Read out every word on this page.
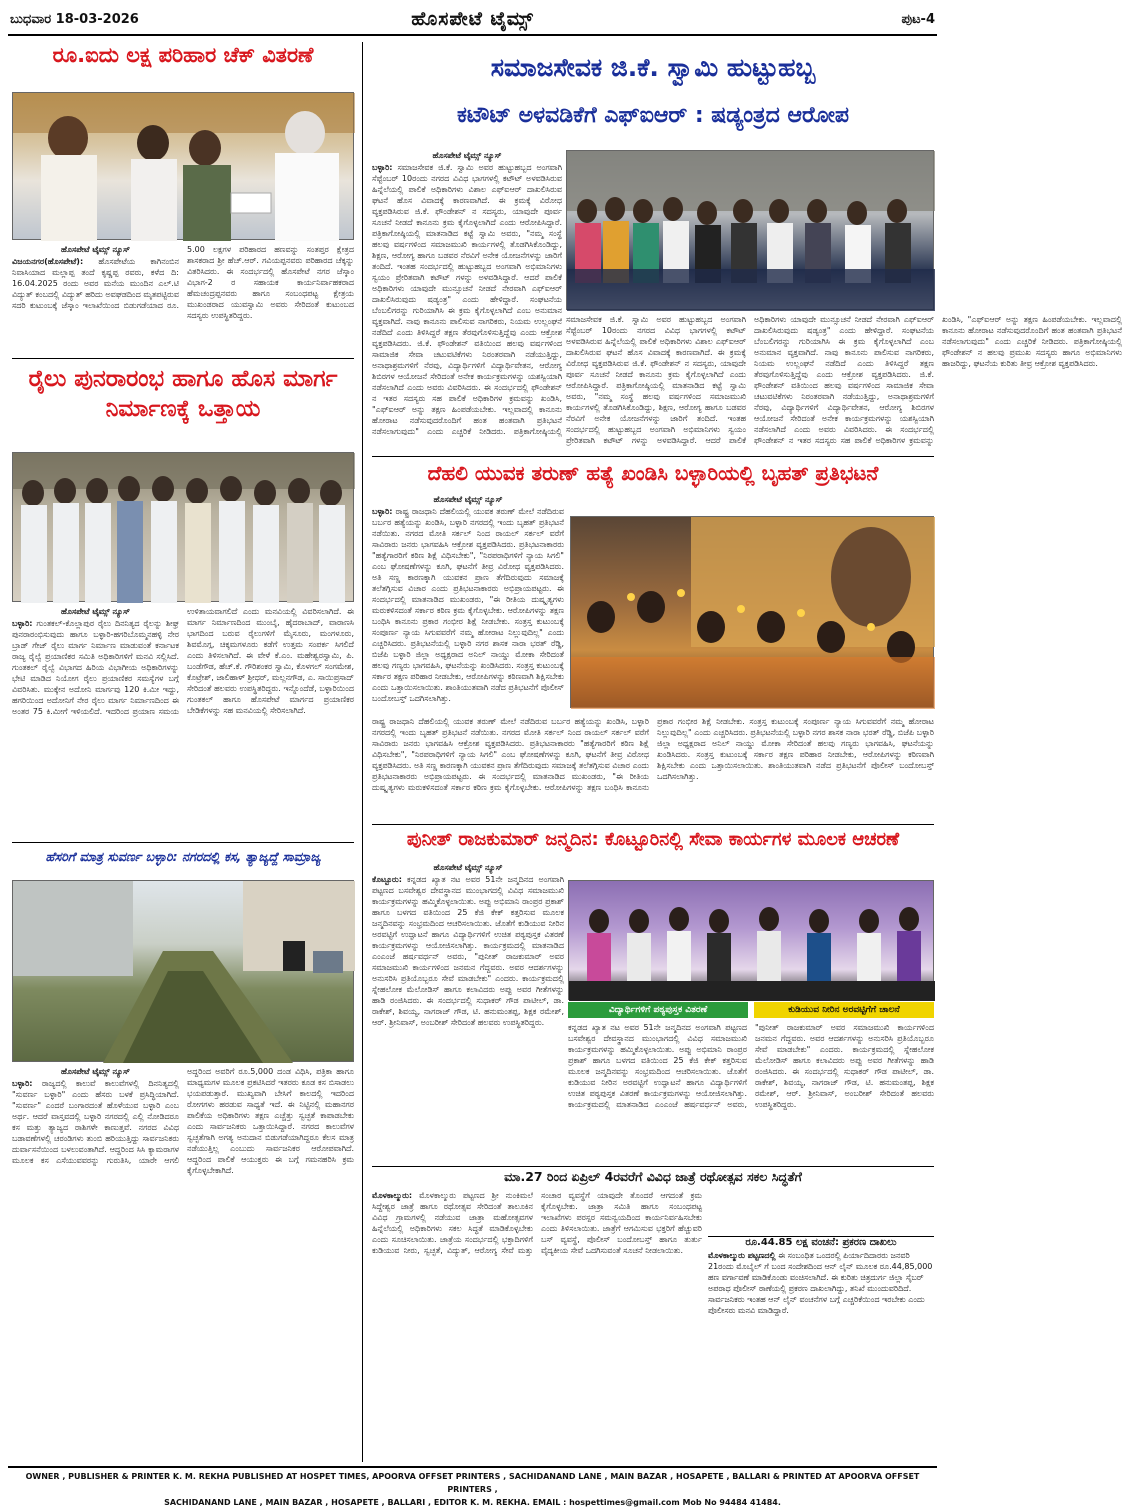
ಬುಧವಾರ 18-03-2026	ಹೊಸಪೇಟೆ ಟೈಮ್ಸ್	ಪುಟ-4
ರೂ.ಐದು ಲಕ್ಷ ಪರಿಹಾರ ಚೆಕ್ ವಿತರಣೆ
ಹೊಸಪೇಟೆ ಟೈಮ್ಸ್ ನ್ಯೂಸ್
ವಿಜಯನಗರ(ಹೊಸಪೇಟೆ): ಹೊಸಪೇಟೆಯ ಕಾಗಿನಂಬಿನ ನಿವಾಸಿಯಾದ ಮಲ್ಲಾಪ್ಪ ತಂದೆ ಕೃಷ್ಣಪ್ಪ ರವರು, ಕಳೆದ ದಿ: 16.04.2025 ರಂದು ಅವರ ಮನೆಯ ಮುಂದಿನ ಎಲ್.ಟಿ ವಿದ್ಯುತ್ ಕಂಬದಲ್ಲಿ ವಿದ್ಯುತ್ ಹರಿದು ಅವಘಡದಿಂದ ಮೃತಪಟ್ಟಿರುವ ಸದರಿ ಕುಟುಂಬಕ್ಕೆ ಜೆಸ್ಕಾಂ ಇಲಾಖೆಯಿಂದ ಬಿಡುಗಡೆಯಾದ ರೂ. 5.00 ಲಕ್ಷಗಳ ಪರಿಹಾರದ ಹಣವನ್ನು ಸಂತಪ್ತರ ಕ್ಷೇತ್ರದ ಶಾಸಕರಾದ ಶ್ರೀ ಹೆಚ್.ಆರ್. ಗವಿಯಪ್ಪನವರು ಪರಿಹಾರದ ಚೆಕ್ಕನ್ನು ವಿತರಿಸಿದರು. ಈ ಸಂದರ್ಭದಲ್ಲಿ ಹೊಸಪೇಟೆ ನಗರ ಜೆಸ್ಕಾಂ ವಿಭಾಗ-2 ರ ಸಹಾಯಕ ಕಾರ್ಯನಿರ್ವಾಹಕರಾದ ಹೆಮಚಂದ್ರಪ್ಪನವರು ಹಾಗೂ ಸಂಬಂಧಪಟ್ಟ ಕ್ಷೇತ್ರಯ ಮುಖಂಡರಾದ ಯುವಸ್ವಾಮಿ ಅವರು ಸೇರಿದಂತೆ ಕುಟುಂಬದ ಸದಸ್ಯರು ಉಪಸ್ಥಿತರಿದ್ದರು.
ರೈಲು ಪುನರಾರಂಭ ಹಾಗೂ ಹೊಸ ಮಾರ್ಗ ನಿರ್ಮಾಣಕ್ಕೆ ಒತ್ತಾಯ
ಹೊಸಪೇಟೆ ಟೈಮ್ಸ್ ನ್ಯೂಸ್
ಬಳ್ಳಾರಿ: ಗುಂತಕಲ್-ಕೊಲ್ಲಾಪುರ ರೈಲು ದಿನನಿತ್ಯದ ರೈಲನ್ನು ಶೀಘ್ರ ಪುನರಾರಂಭಿಸುವುದು ಹಾಗೂ ಬಳ್ಳಾರಿ-ಹಗರಿಬೊಮ್ಮನಹಳ್ಳಿ ನೇರ ಬ್ರಾಡ್ ಗೇಜ್ ರೈಲು ಮಾರ್ಗ ನಿರ್ಮಾಣ ಮಾಡುವಂತೆ ಕರ್ನಾಟಕ ರಾಜ್ಯ ರೈಲ್ವೆ ಪ್ರಯಾಣಿಕರ ಸಮಿತಿ ಅಧಿಕಾರಿಗಳಿಗೆ ಮನವಿ ಸಲ್ಲಿಸಿದೆ. ಗುಂತಕಲ್ ರೈಲ್ವೆ ವಿಭಾಗದ ಹಿರಿಯ ವಿಭಾಗೀಯ ಅಧಿಕಾರಿಗಳನ್ನು ಭೇಟಿ ಮಾಡಿದ ನಿಯೋಗ ರೈಲು ಪ್ರಯಾಣಿಕರ ಸಮಸ್ಯೆಗಳ ಬಗ್ಗೆ ವಿವರಿಸಿತು. ಮುಕ್ಕೇನ ಅದೋನಿ ಮಾರ್ಗವು 120 ಕಿ.ಮೀ ಇದ್ದು, ಹಗರಿಯಿಂದ ಅದೋನಿಗೆ ನೇರ ರೈಲು ಮಾರ್ಗ ನಿರ್ಮಾಣದಿಂದ ಈ ಅಂತರ 75 ಕಿ.ಮೀಗೆ ಇಳಿಯಲಿದೆ. ಇದರಿಂದ ಪ್ರಯಾಣ ಸಮಯ ಉಳಿತಾಯವಾಗಲಿದೆ ಎಂದು ಮನವಿಯಲ್ಲಿ ವಿವರಿಸಲಾಗಿದೆ. ಈ ಮಾರ್ಗ ನಿರ್ಮಾಣದಿಂದ ಮುಂಬೈ, ಹೈದರಾಬಾದ್, ವಾರಾಣಸಿ ಭಾಗದಿಂದ ಬರುವ ರೈಲುಗಳಿಗೆ ಮೈಸೂರು, ಮಂಗಳೂರು, ಶಿವಮೊಗ್ಗ, ಚಿಕ್ಕಮಗಳೂರು ಕಡೆಗೆ ಉತ್ತಮ ಸಂಪರ್ಕ ಸಿಗಲಿದೆ ಎಂದು ತಿಳಿಸಲಾಗಿದೆ. ಈ ವೇಳೆ ಕೆ.ಎಂ. ಮಹೇಶ್ವರಸ್ವಾಮಿ, ಪಿ. ಬಂಡೆಗೌಡ, ಹೆಚ್.ಕೆ. ಗೌರಿಶಂಕರ ಸ್ವಾಮಿ, ಕೊಳಗಲ್ ಸಂಗಮೇಶ, ಕೊಟ್ರೇಶ್, ಜಾಲಿಹಾಳ್ ಶ್ರೀಧರ್, ಮಲ್ಲನಗೌಡ, ಎ. ಸಾಯಿಪ್ರಸಾದ್ ಸೇರಿದಂತೆ ಹಲವರು ಉಪಸ್ಥಿತರಿದ್ದರು. ಇನ್ನೊಂದೆಡೆ, ಬಳ್ಳಾರಿಯಿಂದ ಗುಂತಕಲ್ ಹಾಗೂ ಹೊಸಪೇಟೆ ಮಾರ್ಗದ ಪ್ರಯಾಣಿಕರ ಬೇಡಿಕೆಗಳನ್ನು ಸಹ ಮನವಿಯಲ್ಲಿ ಸೇರಿಸಲಾಗಿದೆ.
ಹೆಸರಿಗೆ ಮಾತ್ರ ಸುವರ್ಣ ಬಳ್ಳಾರಿ: ನಗರದಲ್ಲಿ ಕಸ, ತ್ಯಾಜ್ಯದ್ದೆ ಸಾಮ್ರಾಜ್ಯ
ಹೊಸಪೇಟೆ ಟೈಮ್ಸ್ ನ್ಯೂಸ್
ಬಳ್ಳಾರಿ: ರಾಜ್ಯದಲ್ಲಿ ಕಾಲುವೆ ಕಾಲುವೆಗಳಲ್ಲಿ ದಿನನಿತ್ಯದಲ್ಲಿ "ಸುವರ್ಣ ಬಳ್ಳಾರಿ" ಎಂದು ಹೆಸರು ಬಳಕೆ ಪ್ರಸಿದ್ಧಿಯಾಗಿದೆ. "ಸುವರ್ಣ" ಎಂದರೆ ಬಂಗಾರದಂತೆ ಹೊಳೆಯುವ ಬಳ್ಳಾರಿ ಎಂಬ ಅರ್ಥ. ಆದರೆ ವಾಸ್ತವದಲ್ಲಿ ಬಳ್ಳಾರಿ ನಗರದಲ್ಲಿ ಎಲ್ಲಿ ನೋಡಿದರೂ ಕಸ ಮತ್ತು ತ್ಯಾಜ್ಯದ ರಾಶಿಗಳೇ ಕಾಣುತ್ತವೆ. ನಗರದ ವಿವಿಧ ಬಡಾವಣೆಗಳಲ್ಲಿ ಚರಂಡಿಗಳು ತುಂಬಿ ಹರಿಯುತ್ತಿದ್ದು ಸಾರ್ವಜನಿಕರು ದುರ್ವಾಸನೆಯಿಂದ ಬಳಲುವಂತಾಗಿದೆ. ಆದ್ದರಿಂದ ಸಿಸಿ ಕ್ಯಾಮರಾಗಳ ಮೂಲಕ ಕಸ ಎಸೆಯುವವರನ್ನು ಗುರುತಿಸಿ, ಯಾರೇ ಆಗಲಿ ಅದ್ದರಿಂದ ಅವರಿಗೆ ರೂ.5,000 ದಂಡ ವಿಧಿಸಿ, ಪತ್ರಿಕಾ ಹಾಗೂ ಮಾಧ್ಯಮಗಳ ಮೂಲಕ ಪ್ರಕಟಿಸಿದರೆ ಇತರರು ಕೂಡ ಕಸ ಬಿಸಾಡಲು ಭಯಪಡುತ್ತಾರೆ. ಮುಖ್ಯವಾಗಿ ಬೇಸಿಗೆ ಕಾಲದಲ್ಲಿ ಇದರಿಂದ ರೋಗಗಳು ಹರಡುವ ಸಾಧ್ಯತೆ ಇದೆ. ಈ ನಿಟ್ಟಿನಲ್ಲಿ ಮಹಾನಗರ ಪಾಲಿಕೆಯ ಅಧಿಕಾರಿಗಳು ತಕ್ಷಣ ಎಚ್ಚೆತ್ತು ಸ್ವಚ್ಛತೆ ಕಾಪಾಡಬೇಕು ಎಂದು ಸಾರ್ವಜನಿಕರು ಒತ್ತಾಯಿಸಿದ್ದಾರೆ. ನಗರದ ಕಾಲುವೆಗಳ ಸ್ವಚ್ಛತೆಗಾಗಿ ಅಗತ್ಯ ಅನುದಾನ ಬಿಡುಗಡೆಯಾಗಿದ್ದರೂ ಕೆಲಸ ಮಾತ್ರ ನಡೆಯುತ್ತಿಲ್ಲ ಎಂಬುದು ಸಾರ್ವಜನಿಕರ ಆರೋಪವಾಗಿದೆ. ಆದ್ದರಿಂದ ಪಾಲಿಕೆ ಆಯುಕ್ತರು ಈ ಬಗ್ಗೆ ಗಮನಹರಿಸಿ ಕ್ರಮ ಕೈಗೊಳ್ಳಬೇಕಾಗಿದೆ.
ಸಮಾಜಸೇವಕ ಜಿ.ಕೆ. ಸ್ವಾಮಿ ಹುಟ್ಟುಹಬ್ಬ
ಕಟೌಟ್ ಅಳವಡಿಕೆಗೆ ಎಫ್ಐಆರ್ : ಷಡ್ಯಂತ್ರದ ಆರೋಪ
ಹೊಸಪೇಟೆ ಟೈಮ್ಸ್ ನ್ಯೂಸ್
ಬಳ್ಳಾರಿ: ಸಮಾಜಸೇವಕ ಜಿ.ಕೆ. ಸ್ವಾಮಿ ಅವರ ಹುಟ್ಟುಹಬ್ಬದ ಅಂಗವಾಗಿ ಸೆಪ್ಟೆಂಬರ್ 10ರಂದು ನಗರದ ವಿವಿಧ ಭಾಗಗಳಲ್ಲಿ ಕಟೌಟ್ ಅಳವಡಿಸಿರುವ ಹಿನ್ನೆಲೆಯಲ್ಲಿ ಪಾಲಿಕೆ ಅಧಿಕಾರಿಗಳು ವಿಶಾಲ ಎಫ್ಐಆರ್ ದಾಖಲಿಸಿರುವ ಘಟನೆ ಹೊಸ ವಿವಾದಕ್ಕೆ ಕಾರಣವಾಗಿದೆ. ಈ ಕ್ರಮಕ್ಕೆ ವಿರೋಧ ವ್ಯಕ್ತಪಡಿಸಿರುವ ಜಿ.ಕೆ. ಫೌಂಡೇಶನ್ ನ ಸದಸ್ಯರು, ಯಾವುದೇ ಪೂರ್ವ ಸೂಚನೆ ನೀಡದೆ ಕಾನೂನು ಕ್ರಮ ಕೈಗೊಳ್ಳಲಾಗಿದೆ ಎಂದು ಆರೋಪಿಸಿದ್ದಾರೆ. ಪತ್ರಿಕಾಗೋಷ್ಠಿಯಲ್ಲಿ ಮಾತನಾಡಿದ ಕಟ್ಟೆ ಸ್ವಾಮಿ ಅವರು, "ನಮ್ಮ ಸಂಸ್ಥೆ ಹಲವು ವರ್ಷಗಳಿಂದ ಸಮಾಜಮುಖಿ ಕಾರ್ಯಗಳಲ್ಲಿ ತೊಡಗಿಸಿಕೊಂಡಿದ್ದು, ಶಿಕ್ಷಣ, ಆರೋಗ್ಯ ಹಾಗೂ ಬಡವರ ನೆರವಿಗೆ ಅನೇಕ ಯೋಜನೆಗಳನ್ನು ಜಾರಿಗೆ ತಂದಿದೆ. ಇಂತಹ ಸಂದರ್ಭದಲ್ಲಿ ಹುಟ್ಟುಹಬ್ಬದ ಅಂಗವಾಗಿ ಅಭಿಮಾನಿಗಳು ಸ್ವಯಂ ಪ್ರೇರಿತವಾಗಿ ಕಟೌಟ್ ಗಳನ್ನು ಅಳವಡಿಸಿದ್ದಾರೆ. ಆದರೆ ಪಾಲಿಕೆ ಅಧಿಕಾರಿಗಳು ಯಾವುದೇ ಮುನ್ಸೂಚನೆ ನೀಡದೆ ನೇರವಾಗಿ ಎಫ್ಐಆರ್ ದಾಖಲಿಸಿರುವುದು ಷಡ್ಯಂತ್ರ" ಎಂದು ಹೇಳಿದ್ದಾರೆ. ಸಂಘಟನೆಯ ಬೆಂಬಲಿಗರನ್ನು ಗುರಿಯಾಗಿಸಿ ಈ ಕ್ರಮ ಕೈಗೊಳ್ಳಲಾಗಿದೆ ಎಂಬ ಅನುಮಾನ ವ್ಯಕ್ತವಾಗಿದೆ. ನಾವು ಕಾನೂನು ಪಾಲಿಸುವ ನಾಗರಿಕರು, ನಿಯಮ ಉಲ್ಲಂಘನೆ ನಡೆದಿದೆ ಎಂದು ತಿಳಿಸಿದ್ದರೆ ತಕ್ಷಣ ತೆರವುಗೊಳಿಸುತ್ತಿದ್ದೆವು ಎಂದು ಆಕ್ರೋಶ ವ್ಯಕ್ತಪಡಿಸಿದರು. ಜಿ.ಕೆ. ಫೌಂಡೇಶನ್ ವತಿಯಿಂದ ಹಲವು ವರ್ಷಗಳಿಂದ ಸಾಮಾಜಿಕ ಸೇವಾ ಚಟುವಟಿಕೆಗಳು ನಿರಂತರವಾಗಿ ನಡೆಯುತ್ತಿದ್ದು, ಅನಾಥಾಶ್ರಮಗಳಿಗೆ ನೆರವು, ವಿದ್ಯಾರ್ಥಿಗಳಿಗೆ ವಿದ್ಯಾರ್ಥಿವೇತನ, ಆರೋಗ್ಯ ಶಿಬಿರಗಳ ಆಯೋಜನೆ ಸೇರಿದಂತೆ ಅನೇಕ ಕಾರ್ಯಕ್ರಮಗಳನ್ನು ಯಶಸ್ವಿಯಾಗಿ ನಡೆಸಲಾಗಿದೆ ಎಂದು ಅವರು ವಿವರಿಸಿದರು. ಈ ಸಂದರ್ಭದಲ್ಲಿ ಫೌಂಡೇಶನ್ ನ ಇತರ ಸದಸ್ಯರು ಸಹ ಪಾಲಿಕೆ ಅಧಿಕಾರಿಗಳ ಕ್ರಮವನ್ನು ಖಂಡಿಸಿ, "ಎಫ್ಐಆರ್ ಅನ್ನು ತಕ್ಷಣ ಹಿಂಪಡೆಯಬೇಕು. ಇಲ್ಲವಾದಲ್ಲಿ ಕಾನೂನು ಹೋರಾಟ ನಡೆಸುವುದರೊಂದಿಗೆ ಹಂತ ಹಂತವಾಗಿ ಪ್ರತಿಭಟನೆ ನಡೆಸಲಾಗುವುದು" ಎಂದು ಎಚ್ಚರಿಕೆ ನೀಡಿದರು. ಪತ್ರಿಕಾಗೋಷ್ಠಿಯಲ್ಲಿ
ಸಮಾಜಸೇವಕ ಜಿ.ಕೆ. ಸ್ವಾಮಿ ಅವರ ಹುಟ್ಟುಹಬ್ಬದ ಅಂಗವಾಗಿ ಸೆಪ್ಟೆಂಬರ್ 10ರಂದು ನಗರದ ವಿವಿಧ ಭಾಗಗಳಲ್ಲಿ ಕಟೌಟ್ ಅಳವಡಿಸಿರುವ ಹಿನ್ನೆಲೆಯಲ್ಲಿ ಪಾಲಿಕೆ ಅಧಿಕಾರಿಗಳು ವಿಶಾಲ ಎಫ್ಐಆರ್ ದಾಖಲಿಸಿರುವ ಘಟನೆ ಹೊಸ ವಿವಾದಕ್ಕೆ ಕಾರಣವಾಗಿದೆ. ಈ ಕ್ರಮಕ್ಕೆ ವಿರೋಧ ವ್ಯಕ್ತಪಡಿಸಿರುವ ಜಿ.ಕೆ. ಫೌಂಡೇಶನ್ ನ ಸದಸ್ಯರು, ಯಾವುದೇ ಪೂರ್ವ ಸೂಚನೆ ನೀಡದೆ ಕಾನೂನು ಕ್ರಮ ಕೈಗೊಳ್ಳಲಾಗಿದೆ ಎಂದು ಆರೋಪಿಸಿದ್ದಾರೆ. ಪತ್ರಿಕಾಗೋಷ್ಠಿಯಲ್ಲಿ ಮಾತನಾಡಿದ ಕಟ್ಟೆ ಸ್ವಾಮಿ ಅವರು, "ನಮ್ಮ ಸಂಸ್ಥೆ ಹಲವು ವರ್ಷಗಳಿಂದ ಸಮಾಜಮುಖಿ ಕಾರ್ಯಗಳಲ್ಲಿ ತೊಡಗಿಸಿಕೊಂಡಿದ್ದು, ಶಿಕ್ಷಣ, ಆರೋಗ್ಯ ಹಾಗೂ ಬಡವರ ನೆರವಿಗೆ ಅನೇಕ ಯೋಜನೆಗಳನ್ನು ಜಾರಿಗೆ ತಂದಿದೆ. ಇಂತಹ ಸಂದರ್ಭದಲ್ಲಿ ಹುಟ್ಟುಹಬ್ಬದ ಅಂಗವಾಗಿ ಅಭಿಮಾನಿಗಳು ಸ್ವಯಂ ಪ್ರೇರಿತವಾಗಿ ಕಟೌಟ್ ಗಳನ್ನು ಅಳವಡಿಸಿದ್ದಾರೆ. ಆದರೆ ಪಾಲಿಕೆ ಅಧಿಕಾರಿಗಳು ಯಾವುದೇ ಮುನ್ಸೂಚನೆ ನೀಡದೆ ನೇರವಾಗಿ ಎಫ್ಐಆರ್ ದಾಖಲಿಸಿರುವುದು ಷಡ್ಯಂತ್ರ" ಎಂದು ಹೇಳಿದ್ದಾರೆ. ಸಂಘಟನೆಯ ಬೆಂಬಲಿಗರನ್ನು ಗುರಿಯಾಗಿಸಿ ಈ ಕ್ರಮ ಕೈಗೊಳ್ಳಲಾಗಿದೆ ಎಂಬ ಅನುಮಾನ ವ್ಯಕ್ತವಾಗಿದೆ. ನಾವು ಕಾನೂನು ಪಾಲಿಸುವ ನಾಗರಿಕರು, ನಿಯಮ ಉಲ್ಲಂಘನೆ ನಡೆದಿದೆ ಎಂದು ತಿಳಿಸಿದ್ದರೆ ತಕ್ಷಣ ತೆರವುಗೊಳಿಸುತ್ತಿದ್ದೆವು ಎಂದು ಆಕ್ರೋಶ ವ್ಯಕ್ತಪಡಿಸಿದರು. ಜಿ.ಕೆ. ಫೌಂಡೇಶನ್ ವತಿಯಿಂದ ಹಲವು ವರ್ಷಗಳಿಂದ ಸಾಮಾಜಿಕ ಸೇವಾ ಚಟುವಟಿಕೆಗಳು ನಿರಂತರವಾಗಿ ನಡೆಯುತ್ತಿದ್ದು, ಅನಾಥಾಶ್ರಮಗಳಿಗೆ ನೆರವು, ವಿದ್ಯಾರ್ಥಿಗಳಿಗೆ ವಿದ್ಯಾರ್ಥಿವೇತನ, ಆರೋಗ್ಯ ಶಿಬಿರಗಳ ಆಯೋಜನೆ ಸೇರಿದಂತೆ ಅನೇಕ ಕಾರ್ಯಕ್ರಮಗಳನ್ನು ಯಶಸ್ವಿಯಾಗಿ ನಡೆಸಲಾಗಿದೆ ಎಂದು ಅವರು ವಿವರಿಸಿದರು. ಈ ಸಂದರ್ಭದಲ್ಲಿ ಫೌಂಡೇಶನ್ ನ ಇತರ ಸದಸ್ಯರು ಸಹ ಪಾಲಿಕೆ ಅಧಿಕಾರಿಗಳ ಕ್ರಮವನ್ನು ಖಂಡಿಸಿ, "ಎಫ್ಐಆರ್ ಅನ್ನು ತಕ್ಷಣ ಹಿಂಪಡೆಯಬೇಕು. ಇಲ್ಲವಾದಲ್ಲಿ ಕಾನೂನು ಹೋರಾಟ ನಡೆಸುವುದರೊಂದಿಗೆ ಹಂತ ಹಂತವಾಗಿ ಪ್ರತಿಭಟನೆ ನಡೆಸಲಾಗುವುದು" ಎಂದು ಎಚ್ಚರಿಕೆ ನೀಡಿದರು. ಪತ್ರಿಕಾಗೋಷ್ಠಿಯಲ್ಲಿ ಫೌಂಡೇಶನ್ ನ ಹಲವು ಪ್ರಮುಖ ಸದಸ್ಯರು ಹಾಗೂ ಅಭಿಮಾನಿಗಳು ಹಾಜರಿದ್ದು, ಘಟನೆಯ ಕುರಿತು ತೀವ್ರ ಆಕ್ರೋಶ ವ್ಯಕ್ತಪಡಿಸಿದರು.
ದೆಹಲಿ ಯುವಕ ತರುಣ್ ಹತ್ಯೆ ಖಂಡಿಸಿ ಬಳ್ಳಾರಿಯಲ್ಲಿ ಬೃಹತ್ ಪ್ರತಿಭಟನೆ
ಹೊಸಪೇಟೆ ಟೈಮ್ಸ್ ನ್ಯೂಸ್
ಬಳ್ಳಾರಿ: ರಾಷ್ಟ್ರ ರಾಜಧಾನಿ ದೆಹಲಿಯಲ್ಲಿ ಯುವಕ ತರುಣ್ ಮೇಲೆ ನಡೆದಿರುವ ಬರ್ಬರ ಹತ್ಯೆಯನ್ನು ಖಂಡಿಸಿ, ಬಳ್ಳಾರಿ ನಗರದಲ್ಲಿ ಇಂದು ಬೃಹತ್ ಪ್ರತಿಭಟನೆ ನಡೆಯಿತು. ನಗರದ ಮೋತಿ ಸರ್ಕಲ್ ನಿಂದ ರಾಯಲ್ ಸರ್ಕಲ್ ವರೆಗೆ ಸಾವಿರಾರು ಜನರು ಭಾಗವಹಿಸಿ ಆಕ್ರೋಶ ವ್ಯಕ್ತಪಡಿಸಿದರು. ಪ್ರತಿಭಟನಾಕಾರರು "ಹತ್ಯೆಗಾರರಿಗೆ ಕಠಿಣ ಶಿಕ್ಷೆ ವಿಧಿಸಬೇಕು", "ನಿರಪರಾಧಿಗಳಿಗೆ ನ್ಯಾಯ ಸಿಗಲಿ" ಎಂಬ ಘೋಷಣೆಗಳನ್ನು ಕೂಗಿ, ಘಟನೆಗೆ ತೀವ್ರ ವಿರೋಧ ವ್ಯಕ್ತಪಡಿಸಿದರು. ಅತಿ ಸಣ್ಣ ಕಾರಣಕ್ಕಾಗಿ ಯುವಕನ ಪ್ರಾಣ ತೆಗೆದಿರುವುದು ಸಮಾಜಕ್ಕೆ ತಲೆತಗ್ಗಿಸುವ ವಿಚಾರ ಎಂದು ಪ್ರತಿಭಟನಾಕಾರರು ಅಭಿಪ್ರಾಯಪಟ್ಟರು. ಈ ಸಂದರ್ಭದಲ್ಲಿ ಮಾತನಾಡಿದ ಮುಖಂಡರು, "ಈ ರೀತಿಯ ದುಷ್ಕೃತ್ಯಗಳು ಮರುಕಳಿಸದಂತೆ ಸರ್ಕಾರ ಕಠಿಣ ಕ್ರಮ ಕೈಗೊಳ್ಳಬೇಕು. ಆರೋಪಿಗಳನ್ನು ತಕ್ಷಣ ಬಂಧಿಸಿ ಕಾನೂನು ಪ್ರಕಾರ ಗಂಭೀರ ಶಿಕ್ಷೆ ನೀಡಬೇಕು. ಸಂತ್ರಸ್ತ ಕುಟುಂಬಕ್ಕೆ ಸಂಪೂರ್ಣ ನ್ಯಾಯ ಸಿಗುವವರೆಗೆ ನಮ್ಮ ಹೋರಾಟ ನಿಲ್ಲುವುದಿಲ್ಲ" ಎಂದು ಎಚ್ಚರಿಸಿದರು. ಪ್ರತಿಭಟನೆಯಲ್ಲಿ ಬಳ್ಳಾರಿ ನಗರ ಶಾಸಕ ನಾರಾ ಭರತ್ ರೆಡ್ಡಿ, ಬಿಜೆಪಿ ಬಳ್ಳಾರಿ ಜಿಲ್ಲಾ ಅಧ್ಯಕ್ಷರಾದ ಅನಿಲ್ ನಾಯ್ಡು ಮೋಕಾ ಸೇರಿದಂತೆ ಹಲವು ಗಣ್ಯರು ಭಾಗವಹಿಸಿ, ಘಟನೆಯನ್ನು ಖಂಡಿಸಿದರು. ಸಂತ್ರಸ್ತ ಕುಟುಂಬಕ್ಕೆ ಸರ್ಕಾರ ತಕ್ಷಣ ಪರಿಹಾರ ನೀಡಬೇಕು, ಆರೋಪಿಗಳನ್ನು ಕಠಿಣವಾಗಿ ಶಿಕ್ಷಿಸಬೇಕು ಎಂದು ಒತ್ತಾಯಿಸಲಾಯಿತು. ಶಾಂತಿಯುತವಾಗಿ ನಡೆದ ಪ್ರತಿಭಟನೆಗೆ ಪೊಲೀಸ್ ಬಂದೋಬಸ್ತ್ ಒದಗಿಸಲಾಗಿತ್ತು.
ರಾಷ್ಟ್ರ ರಾಜಧಾನಿ ದೆಹಲಿಯಲ್ಲಿ ಯುವಕ ತರುಣ್ ಮೇಲೆ ನಡೆದಿರುವ ಬರ್ಬರ ಹತ್ಯೆಯನ್ನು ಖಂಡಿಸಿ, ಬಳ್ಳಾರಿ ನಗರದಲ್ಲಿ ಇಂದು ಬೃಹತ್ ಪ್ರತಿಭಟನೆ ನಡೆಯಿತು. ನಗರದ ಮೋತಿ ಸರ್ಕಲ್ ನಿಂದ ರಾಯಲ್ ಸರ್ಕಲ್ ವರೆಗೆ ಸಾವಿರಾರು ಜನರು ಭಾಗವಹಿಸಿ ಆಕ್ರೋಶ ವ್ಯಕ್ತಪಡಿಸಿದರು. ಪ್ರತಿಭಟನಾಕಾರರು "ಹತ್ಯೆಗಾರರಿಗೆ ಕಠಿಣ ಶಿಕ್ಷೆ ವಿಧಿಸಬೇಕು", "ನಿರಪರಾಧಿಗಳಿಗೆ ನ್ಯಾಯ ಸಿಗಲಿ" ಎಂಬ ಘೋಷಣೆಗಳನ್ನು ಕೂಗಿ, ಘಟನೆಗೆ ತೀವ್ರ ವಿರೋಧ ವ್ಯಕ್ತಪಡಿಸಿದರು. ಅತಿ ಸಣ್ಣ ಕಾರಣಕ್ಕಾಗಿ ಯುವಕನ ಪ್ರಾಣ ತೆಗೆದಿರುವುದು ಸಮಾಜಕ್ಕೆ ತಲೆತಗ್ಗಿಸುವ ವಿಚಾರ ಎಂದು ಪ್ರತಿಭಟನಾಕಾರರು ಅಭಿಪ್ರಾಯಪಟ್ಟರು. ಈ ಸಂದರ್ಭದಲ್ಲಿ ಮಾತನಾಡಿದ ಮುಖಂಡರು, "ಈ ರೀತಿಯ ದುಷ್ಕೃತ್ಯಗಳು ಮರುಕಳಿಸದಂತೆ ಸರ್ಕಾರ ಕಠಿಣ ಕ್ರಮ ಕೈಗೊಳ್ಳಬೇಕು. ಆರೋಪಿಗಳನ್ನು ತಕ್ಷಣ ಬಂಧಿಸಿ ಕಾನೂನು ಪ್ರಕಾರ ಗಂಭೀರ ಶಿಕ್ಷೆ ನೀಡಬೇಕು. ಸಂತ್ರಸ್ತ ಕುಟುಂಬಕ್ಕೆ ಸಂಪೂರ್ಣ ನ್ಯಾಯ ಸಿಗುವವರೆಗೆ ನಮ್ಮ ಹೋರಾಟ ನಿಲ್ಲುವುದಿಲ್ಲ" ಎಂದು ಎಚ್ಚರಿಸಿದರು. ಪ್ರತಿಭಟನೆಯಲ್ಲಿ ಬಳ್ಳಾರಿ ನಗರ ಶಾಸಕ ನಾರಾ ಭರತ್ ರೆಡ್ಡಿ, ಬಿಜೆಪಿ ಬಳ್ಳಾರಿ ಜಿಲ್ಲಾ ಅಧ್ಯಕ್ಷರಾದ ಅನಿಲ್ ನಾಯ್ಡು ಮೋಕಾ ಸೇರಿದಂತೆ ಹಲವು ಗಣ್ಯರು ಭಾಗವಹಿಸಿ, ಘಟನೆಯನ್ನು ಖಂಡಿಸಿದರು. ಸಂತ್ರಸ್ತ ಕುಟುಂಬಕ್ಕೆ ಸರ್ಕಾರ ತಕ್ಷಣ ಪರಿಹಾರ ನೀಡಬೇಕು, ಆರೋಪಿಗಳನ್ನು ಕಠಿಣವಾಗಿ ಶಿಕ್ಷಿಸಬೇಕು ಎಂದು ಒತ್ತಾಯಿಸಲಾಯಿತು. ಶಾಂತಿಯುತವಾಗಿ ನಡೆದ ಪ್ರತಿಭಟನೆಗೆ ಪೊಲೀಸ್ ಬಂದೋಬಸ್ತ್ ಒದಗಿಸಲಾಗಿತ್ತು.
ಪುನೀತ್ ರಾಜಕುಮಾರ್ ಜನ್ಮದಿನ: ಕೊಟ್ಟೂರಿನಲ್ಲಿ ಸೇವಾ ಕಾರ್ಯಗಳ ಮೂಲಕ ಆಚರಣೆ
ಹೊಸಪೇಟೆ ಟೈಮ್ಸ್ ನ್ಯೂಸ್
ಕೊಟ್ಟೂರು: ಕನ್ನಡದ ಖ್ಯಾತ ನಟ ಅವರ 51ನೇ ಜನ್ಮದಿನದ ಅಂಗವಾಗಿ ಪಟ್ಟಣದ ಬಸವೇಶ್ವರ ದೇವಸ್ಥಾನದ ಮುಂಭಾಗದಲ್ಲಿ ವಿವಿಧ ಸಮಾಜಮುಖಿ ಕಾರ್ಯಕ್ರಮಗಳನ್ನು ಹಮ್ಮಿಕೊಳ್ಳಲಾಯಿತು. ಅಪ್ಪು ಅಭಿಮಾನಿ ರಾಂಪ್ರರ ಪ್ರಕಾಶ್ ಹಾಗೂ ಬಳಗದ ವತಿಯಿಂದ 25 ಕೆಜಿ ಕೇಕ್ ಕತ್ತರಿಸುವ ಮೂಲಕ ಜನ್ಮದಿನವನ್ನು ಸಂಭ್ರಮದಿಂದ ಆಚರಿಸಲಾಯಿತು. ಜೊತೆಗೆ ಕುಡಿಯುವ ನೀರಿನ ಅರವಟ್ಟಿಗೆ ಉದ್ಘಾಟನೆ ಹಾಗೂ ವಿದ್ಯಾರ್ಥಿಗಳಿಗೆ ಉಚಿತ ಪಠ್ಯಪುಸ್ತಕ ವಿತರಣೆ ಕಾರ್ಯಕ್ರಮಗಳನ್ನು ಆಯೋಜಿಸಲಾಗಿತ್ತು. ಕಾರ್ಯಕ್ರಮದಲ್ಲಿ ಮಾತನಾಡಿದ ಎಂಎಂಜೆ ಹರ್ಷವರ್ಧನ್ ಅವರು, "ಪುನೀತ್ ರಾಜಕುಮಾರ್ ಅವರ ಸಮಾಜಮುಖಿ ಕಾರ್ಯಗಳಿಂದ ಜನಮನ ಗೆದ್ದವರು. ಅವರ ಆದರ್ಶಗಳನ್ನು ಅನುಸರಿಸಿ ಪ್ರತಿಯೊಬ್ಬರೂ ಸೇವೆ ಮಾಡಬೇಕು" ಎಂದರು. ಕಾರ್ಯಕ್ರಮದಲ್ಲಿ ಸ್ನೇಹಲೋಕ ಮೆಲೋಡಿಸ್ ಹಾಗೂ ಕಲಾವಿದರು ಅಪ್ಪು ಅವರ ಗೀತೆಗಳನ್ನು ಹಾಡಿ ರಂಜಿಸಿದರು. ಈ ಸಂದರ್ಭದಲ್ಲಿ ಸುಧಾಕರ್ ಗೌಡ ಪಾಟೀಲ್, ಡಾ. ರಾಕೇಶ್, ಶಿವಯ್ಯ, ನಾಗರಾಜ್ ಗೌಡ, ಟಿ. ಹನುಮಂತಪ್ಪ, ಶಿಕ್ಷಕ ರಮೇಶ್, ಆರ್. ಶ್ರೀನಿವಾಸ್, ಅಂಬರೀಶ್ ಸೇರಿದಂತೆ ಹಲವರು ಉಪಸ್ಥಿತರಿದ್ದರು.
ವಿದ್ಯಾರ್ಥಿಗಳಿಗೆ ಪಠ್ಯಪುಸ್ತಕ ವಿತರಣೆ	ಕುಡಿಯುವ ನೀರಿನ ಅರವಟ್ಟಿಗೆಗೆ ಚಾಲನೆ
ಕನ್ನಡದ ಖ್ಯಾತ ನಟ ಅವರ 51ನೇ ಜನ್ಮದಿನದ ಅಂಗವಾಗಿ ಪಟ್ಟಣದ ಬಸವೇಶ್ವರ ದೇವಸ್ಥಾನದ ಮುಂಭಾಗದಲ್ಲಿ ವಿವಿಧ ಸಮಾಜಮುಖಿ ಕಾರ್ಯಕ್ರಮಗಳನ್ನು ಹಮ್ಮಿಕೊಳ್ಳಲಾಯಿತು. ಅಪ್ಪು ಅಭಿಮಾನಿ ರಾಂಪ್ರರ ಪ್ರಕಾಶ್ ಹಾಗೂ ಬಳಗದ ವತಿಯಿಂದ 25 ಕೆಜಿ ಕೇಕ್ ಕತ್ತರಿಸುವ ಮೂಲಕ ಜನ್ಮದಿನವನ್ನು ಸಂಭ್ರಮದಿಂದ ಆಚರಿಸಲಾಯಿತು. ಜೊತೆಗೆ ಕುಡಿಯುವ ನೀರಿನ ಅರವಟ್ಟಿಗೆ ಉದ್ಘಾಟನೆ ಹಾಗೂ ವಿದ್ಯಾರ್ಥಿಗಳಿಗೆ ಉಚಿತ ಪಠ್ಯಪುಸ್ತಕ ವಿತರಣೆ ಕಾರ್ಯಕ್ರಮಗಳನ್ನು ಆಯೋಜಿಸಲಾಗಿತ್ತು. ಕಾರ್ಯಕ್ರಮದಲ್ಲಿ ಮಾತನಾಡಿದ ಎಂಎಂಜೆ ಹರ್ಷವರ್ಧನ್ ಅವರು, "ಪುನೀತ್ ರಾಜಕುಮಾರ್ ಅವರ ಸಮಾಜಮುಖಿ ಕಾರ್ಯಗಳಿಂದ ಜನಮನ ಗೆದ್ದವರು. ಅವರ ಆದರ್ಶಗಳನ್ನು ಅನುಸರಿಸಿ ಪ್ರತಿಯೊಬ್ಬರೂ ಸೇವೆ ಮಾಡಬೇಕು" ಎಂದರು. ಕಾರ್ಯಕ್ರಮದಲ್ಲಿ ಸ್ನೇಹಲೋಕ ಮೆಲೋಡಿಸ್ ಹಾಗೂ ಕಲಾವಿದರು ಅಪ್ಪು ಅವರ ಗೀತೆಗಳನ್ನು ಹಾಡಿ ರಂಜಿಸಿದರು. ಈ ಸಂದರ್ಭದಲ್ಲಿ ಸುಧಾಕರ್ ಗೌಡ ಪಾಟೀಲ್, ಡಾ. ರಾಕೇಶ್, ಶಿವಯ್ಯ, ನಾಗರಾಜ್ ಗೌಡ, ಟಿ. ಹನುಮಂತಪ್ಪ, ಶಿಕ್ಷಕ ರಮೇಶ್, ಆರ್. ಶ್ರೀನಿವಾಸ್, ಅಂಬರೀಶ್ ಸೇರಿದಂತೆ ಹಲವರು ಉಪಸ್ಥಿತರಿದ್ದರು.
ಮಾ.27 ರಿಂದ ಏಪ್ರಿಲ್ 4ರವರೆಗೆ ವಿವಿಧ ಜಾತ್ರೆ ರಥೋತ್ಸವ ಸಕಲ ಸಿದ್ಧತೆಗೆ
ಮೊಳಕಾಲ್ಮುರು: ಮೊಳಕಾಲ್ಮುರು ಪಟ್ಟಣದ ಶ್ರೀ ನುಂಕಿಮಲೆ ಸಿದ್ದೇಶ್ವರ ಜಾತ್ರೆ ಹಾಗೂ ರಥೋತ್ಸವ ಸೇರಿದಂತೆ ತಾಲೂಕಿನ ವಿವಿಧ ಗ್ರಾಮಗಳಲ್ಲಿ ನಡೆಯುವ ಜಾತ್ರಾ ಮಹೋತ್ಸವಗಳ ಹಿನ್ನೆಲೆಯಲ್ಲಿ ಅಧಿಕಾರಿಗಳು ಸಕಲ ಸಿದ್ಧತೆ ಮಾಡಿಕೊಳ್ಳಬೇಕು ಎಂದು ಸೂಚಿಸಲಾಯಿತು. ಜಾತ್ರೆಯ ಸಂದರ್ಭದಲ್ಲಿ ಭಕ್ತಾದಿಗಳಿಗೆ ಕುಡಿಯುವ ನೀರು, ಸ್ವಚ್ಛತೆ, ವಿದ್ಯುತ್, ಆರೋಗ್ಯ ಸೇವೆ ಮತ್ತು ಸಂಚಾರ ವ್ಯವಸ್ಥೆಗೆ ಯಾವುದೇ ತೊಂದರೆ ಆಗದಂತೆ ಕ್ರಮ ಕೈಗೊಳ್ಳಬೇಕು. ಜಾತ್ರಾ ಸಮಿತಿ ಹಾಗೂ ಸಂಬಂಧಪಟ್ಟ ಇಲಾಖೆಗಳು ಪರಸ್ಪರ ಸಮನ್ವಯದಿಂದ ಕಾರ್ಯನಿರ್ವಹಿಸಬೇಕು ಎಂದು ತಿಳಿಸಲಾಯಿತು. ಜಾತ್ರೆಗೆ ಆಗಮಿಸುವ ಭಕ್ತರಿಗೆ ಹೆಚ್ಚುವರಿ ಬಸ್ ವ್ಯವಸ್ಥೆ, ಪೊಲೀಸ್ ಬಂದೋಬಸ್ತ್ ಹಾಗೂ ತುರ್ತು ವೈದ್ಯಕೀಯ ಸೇವೆ ಒದಗಿಸುವಂತೆ ಸೂಚನೆ ನೀಡಲಾಯಿತು.
ರೂ.44.85 ಲಕ್ಷ ವಂಚನೆ: ಪ್ರಕರಣ ದಾಖಲು
ಮೊಳಕಾಲ್ಮುರು ಪಟ್ಟಣದಲ್ಲಿ ಈ ಸಂಬಂಧಿತ ಒಂದರಲ್ಲಿ ಪಿರ್ಯಾದಿದಾರರು ಜನವರಿ 21ರಂದು ಮೊಬೈಲ್ ಗೆ ಬಂದ ಸಂದೇಶದಿಂದ ಆನ್ ಲೈನ್ ಮೂಲಕ ರೂ.44,85,000 ಹಣ ವರ್ಗಾವಣೆ ಮಾಡಿಕೊಂಡು ವಂಚಿಸಲಾಗಿದೆ. ಈ ಕುರಿತು ಚಿತ್ರದುರ್ಗ ಜಿಲ್ಲಾ ಸೈಬರ್ ಅಪರಾಧ ಪೊಲೀಸ್ ಠಾಣೆಯಲ್ಲಿ ಪ್ರಕರಣ ದಾಖಲಾಗಿದ್ದು, ತನಿಖೆ ಮುಂದುವರಿದಿದೆ. ಸಾರ್ವಜನಿಕರು ಇಂತಹ ಆನ್ ಲೈನ್ ವಂಚನೆಗಳ ಬಗ್ಗೆ ಎಚ್ಚರಿಕೆಯಿಂದ ಇರಬೇಕು ಎಂದು ಪೊಲೀಸರು ಮನವಿ ಮಾಡಿದ್ದಾರೆ.
OWNER , PUBLISHER & PRINTER K. M. REKHA PUBLISHED AT HOSPET TIMES, APOORVA OFFSET PRINTERS , SACHIDANAND LANE , MAIN BAZAR , HOSAPETE , BALLARI & PRINTED AT APOORVA OFFSET PRINTERS ,
SACHIDANAND LANE , MAIN BAZAR , HOSAPETE , BALLARI , EDITOR K. M. REKHA. EMAIL : hospettimes@gmail.com Mob No 94484 41484.
